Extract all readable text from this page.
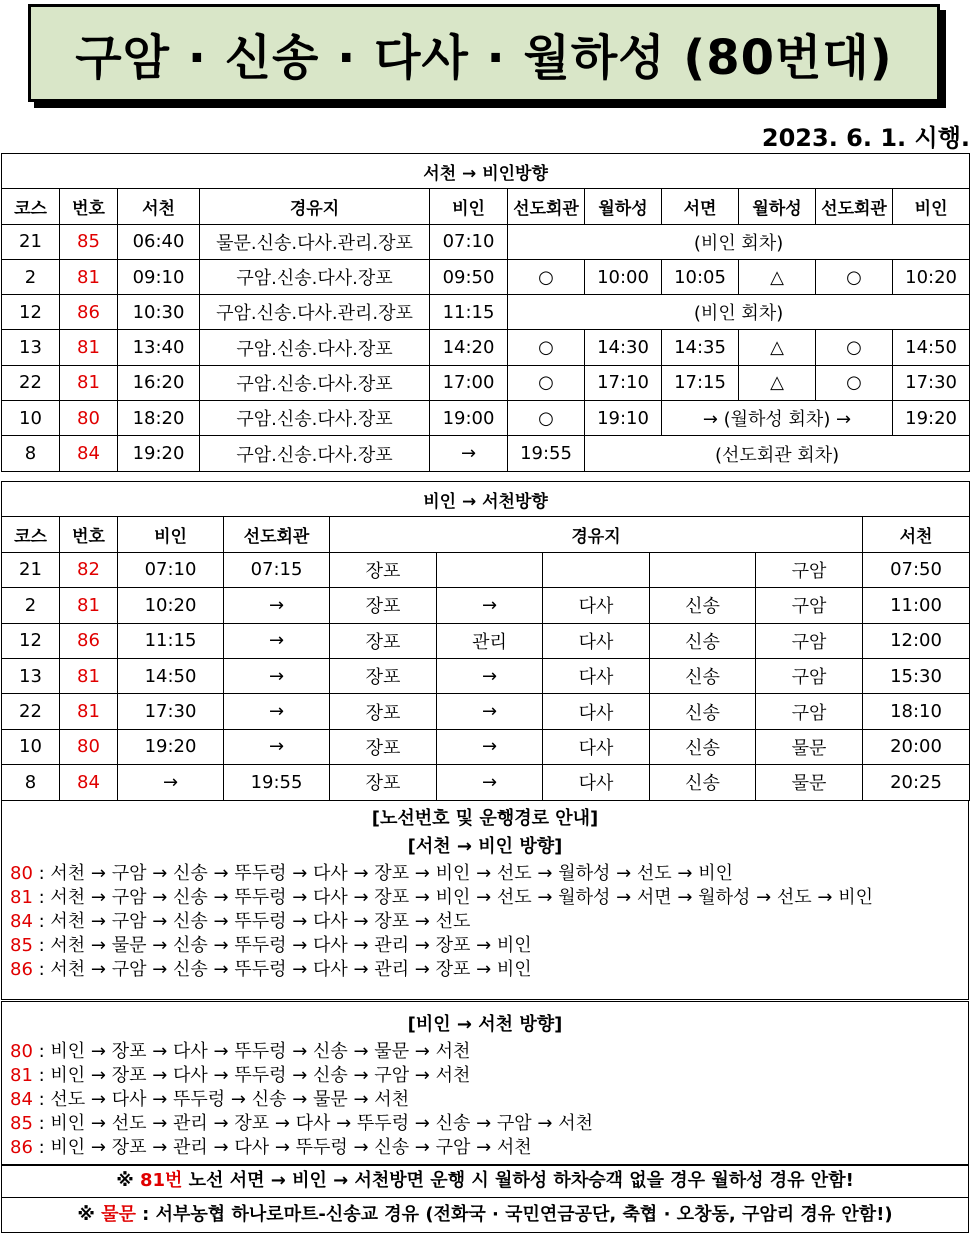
구암 · 신송 · 다사 · 월하성 (80번대)
2023. 6. 1. 시행.
서천 → 비인방향										
코스	번호	서천	경유지	비인	선도회관	월하성	서면	월하성	선도회관	비인
21	85	06:40	물문.신송.다사.관리.장포	07:10	(비인 회차)					
2	81	09:10	구암.신송.다사.장포	09:50	○	10:00	10:05	△	○	10:20
12	86	10:30	구암.신송.다사.관리.장포	11:15	(비인 회차)					
13	81	13:40	구암.신송.다사.장포	14:20	○	14:30	14:35	△	○	14:50
22	81	16:20	구암.신송.다사.장포	17:00	○	17:10	17:15	△	○	17:30
10	80	18:20	구암.신송.다사.장포	19:00	○	19:10	→ (월하성 회차) →			19:20
8	84	19:20	구암.신송.다사.장포	→	19:55	(선도회관 회차)				
비인 → 서천방향									
코스	번호	비인	선도회관	경유지					서천
21	82	07:10	07:15	장포				구암	07:50
2	81	10:20	→	장포	→	다사	신송	구암	11:00
12	86	11:15	→	장포	관리	다사	신송	구암	12:00
13	81	14:50	→	장포	→	다사	신송	구암	15:30
22	81	17:30	→	장포	→	다사	신송	구암	18:10
10	80	19:20	→	장포	→	다사	신송	물문	20:00
8	84	→	19:55	장포	→	다사	신송	물문	20:25
[노선번호 및 운행경로 안내]
[서천 → 비인 방향]
80 : 서천 → 구암 → 신송 → 뚜두렁 → 다사 → 장포 → 비인 → 선도 → 월하성 → 선도 → 비인
81 : 서천 → 구암 → 신송 → 뚜두렁 → 다사 → 장포 → 비인 → 선도 → 월하성 → 서면 → 월하성 → 선도 → 비인
84 : 서천 → 구암 → 신송 → 뚜두렁 → 다사 → 장포 → 선도
85 : 서천 → 물문 → 신송 → 뚜두렁 → 다사 → 관리 → 장포 → 비인
86 : 서천 → 구암 → 신송 → 뚜두렁 → 다사 → 관리 → 장포 → 비인
[비인 → 서천 방향]
80 : 비인 → 장포 → 다사 → 뚜두렁 → 신송 → 물문 → 서천
81 : 비인 → 장포 → 다사 → 뚜두렁 → 신송 → 구암 → 서천
84 : 선도 → 다사 → 뚜두렁 → 신송 → 물문 → 서천
85 : 비인 → 선도 → 관리 → 장포 → 다사 → 뚜두렁 → 신송 → 구암 → 서천
86 : 비인 → 장포 → 관리 → 다사 → 뚜두렁 → 신송 → 구암 → 서천
※ 81번 노선 서면 → 비인 → 서천방면 운행 시 월하성 하차승객 없을 경우 월하성 경유 안함!
※ 물문 : 서부농협 하나로마트-신송교 경유 (전화국 · 국민연금공단, 축협 · 오창동, 구암리 경유 안함!)
